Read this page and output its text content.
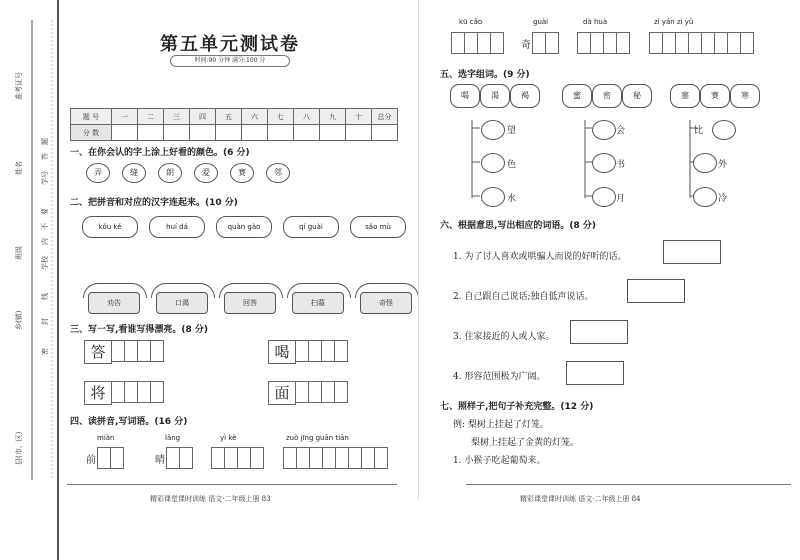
准考证号
姓名
学号
班级
学校
乡(镇)
县(市、区)
密
封
线
内
不
要
答
题
第五单元测试卷
时间:90 分钟 满分:100 分
题 号	一	二	三	四	五	六	七	八	九	十	总分
分 数											
一、在你会认的字上涂上好看的颜色。(6 分)
弄	缝	朗	爱	赛	邻
二、把拼音和对应的汉字连起来。(10 分)
kǒu kě	huí dá	quàn gào	qí guài	sǎo mù
劝告	口渴	回答	扫墓	奇怪
三、写一写,看谁写得漂亮。(8 分)
答	喝
将	面
四、读拼音,写词语。(16 分)
miàn	lǎng	yì kè	zuò jīng guān tiān
前	晴
精彩课堂课时训练 语文·二年级上册 83
kū cǎo	guài	dà huà	zì yán zì yǔ
奇
五、选字组词。(9 分)
喝	渴	褐	蜜	密	秘	塞	赛	寒
望
色
水
会
书
月
比
外
冷
六、根据意思,写出相应的词语。(8 分)
1. 为了讨人喜欢或哄骗人而说的好听的话。
2. 自己跟自己说话;独自低声说话。
3. 住家接近的人或人家。
4. 形容范围极为广阔。
七、照样子,把句子补充完整。(12 分)
例: 梨树上挂起了灯笼。
梨树上挂起了金黄的灯笼。
1. 小猴子吃起葡萄来。
精彩课堂课时训练 语文·二年级上册 84
